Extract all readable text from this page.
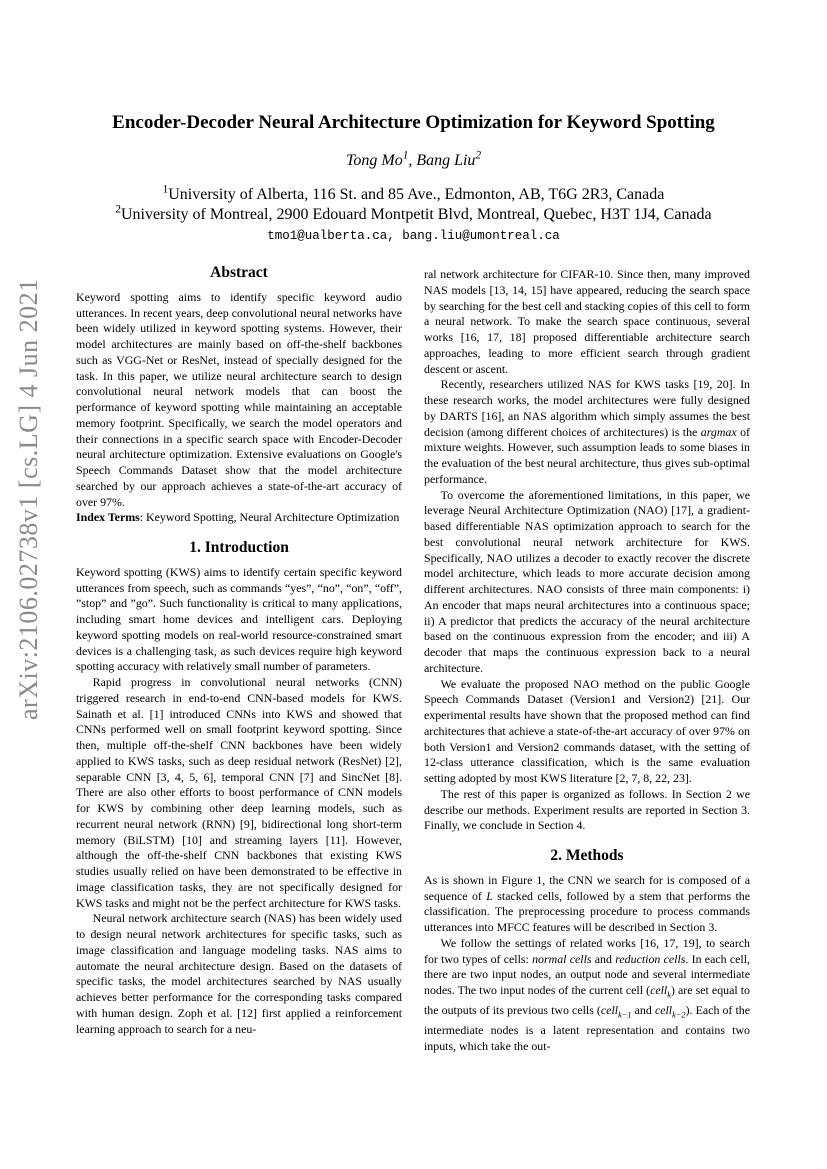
arXiv:2106.02738v1 [cs.LG] 4 Jun 2021
Encoder-Decoder Neural Architecture Optimization for Keyword Spotting
Tong Mo$^1$, Bang Liu$^2$
$^1$University of Alberta, 116 St. and 85 Ave., Edmonton, AB, T6G 2R3, Canada
$^2$University of Montreal, 2900 Edouard Montpetit Blvd, Montreal, Quebec, H3T 1J4, Canada
tmo1@ualberta.ca, bang.liu@umontreal.ca
Abstract

Keyword spotting aims to identify specific keyword audio utterances. In recent years, deep convolutional neural networks have been widely utilized in keyword spotting systems. However, their model architectures are mainly based on off-the-shelf backbones such as VGG-Net or ResNet, instead of specially designed for the task. In this paper, we utilize neural architecture search to design convolutional neural network models that can boost the performance of keyword spotting while maintaining an acceptable memory footprint. Specifically, we search the model operators and their connections in a specific search space with Encoder-Decoder neural architecture optimization. Extensive evaluations on Google's Speech Commands Dataset show that the model architecture searched by our approach achieves a state-of-the-art accuracy of over 97%.

Index Terms: Keyword Spotting, Neural Architecture Optimization

1. Introduction

Keyword spotting (KWS) aims to identify certain specific keyword utterances from speech, such as commands “yes”, “no”, “on”, “off”, ”stop” and ”go”. Such functionality is critical to many applications, including smart home devices and intelligent cars. Deploying keyword spotting models on real-world resource-constrained smart devices is a challenging task, as such devices require high keyword spotting accuracy with relatively small number of parameters.

Rapid progress in convolutional neural networks (CNN) triggered research in end-to-end CNN-based models for KWS. Sainath et al. [1] introduced CNNs into KWS and showed that CNNs performed well on small footprint keyword spotting. Since then, multiple off-the-shelf CNN backbones have been widely applied to KWS tasks, such as deep residual network (ResNet) [2], separable CNN [3, 4, 5, 6], temporal CNN [7] and SincNet [8]. There are also other efforts to boost performance of CNN models for KWS by combining other deep learning models, such as recurrent neural network (RNN) [9], bidirectional long short-term memory (BiLSTM) [10] and streaming layers [11]. However, although the off-the-shelf CNN backbones that existing KWS studies usually relied on have been demonstrated to be effective in image classification tasks, they are not specifically designed for KWS tasks and might not be the perfect architecture for KWS tasks.

Neural network architecture search (NAS) has been widely used to design neural network architectures for specific tasks, such as image classification and language modeling tasks. NAS aims to automate the neural architecture design. Based on the datasets of specific tasks, the model architectures searched by NAS usually achieves better performance for the corresponding tasks compared with human design. Zoph et al. [12] first applied a reinforcement learning approach to search for a neu-

ral network architecture for CIFAR-10. Since then, many improved NAS models [13, 14, 15] have appeared, reducing the search space by searching for the best cell and stacking copies of this cell to form a neural network. To make the search space continuous, several works [16, 17, 18] proposed differentiable architecture search approaches, leading to more efficient search through gradient descent or ascent.

Recently, researchers utilized NAS for KWS tasks [19, 20]. In these research works, the model architectures were fully designed by DARTS [16], an NAS algorithm which simply assumes the best decision (among different choices of architectures) is the argmax of mixture weights. However, such assumption leads to some biases in the evaluation of the best neural architecture, thus gives sub-optimal performance.

To overcome the aforementioned limitations, in this paper, we leverage Neural Architecture Optimization (NAO) [17], a gradient-based differentiable NAS optimization approach to search for the best convolutional neural network architecture for KWS. Specifically, NAO utilizes a decoder to exactly recover the discrete model architecture, which leads to more accurate decision among different architectures. NAO consists of three main components: i) An encoder that maps neural architectures into a continuous space; ii) A predictor that predicts the accuracy of the neural architecture based on the continuous expression from the encoder; and iii) A decoder that maps the continuous expression back to a neural architecture.

We evaluate the proposed NAO method on the public Google Speech Commands Dataset (Version1 and Version2) [21]. Our experimental results have shown that the proposed method can find architectures that achieve a state-of-the-art accuracy of over 97% on both Version1 and Version2 commands dataset, with the setting of 12-class utterance classification, which is the same evaluation setting adopted by most KWS literature [2, 7, 8, 22, 23].

The rest of this paper is organized as follows. In Section 2 we describe our methods. Experiment results are reported in Section 3. Finally, we conclude in Section 4.

2. Methods

As is shown in Figure 1, the CNN we search for is composed of a sequence of L stacked cells, followed by a stem that performs the classification. The preprocessing procedure to process commands utterances into MFCC features will be described in Section 3.

We follow the settings of related works [16, 17, 19], to search for two types of cells: normal cells and reduction cells. In each cell, there are two input nodes, an output node and several intermediate nodes. The two input nodes of the current cell (cell$_k$) are set equal to the outputs of its previous two cells (cell$_{k-1}$ and cell$_{k-2}$). Each of the intermediate nodes is a latent representation and contains two inputs, which take the out-
